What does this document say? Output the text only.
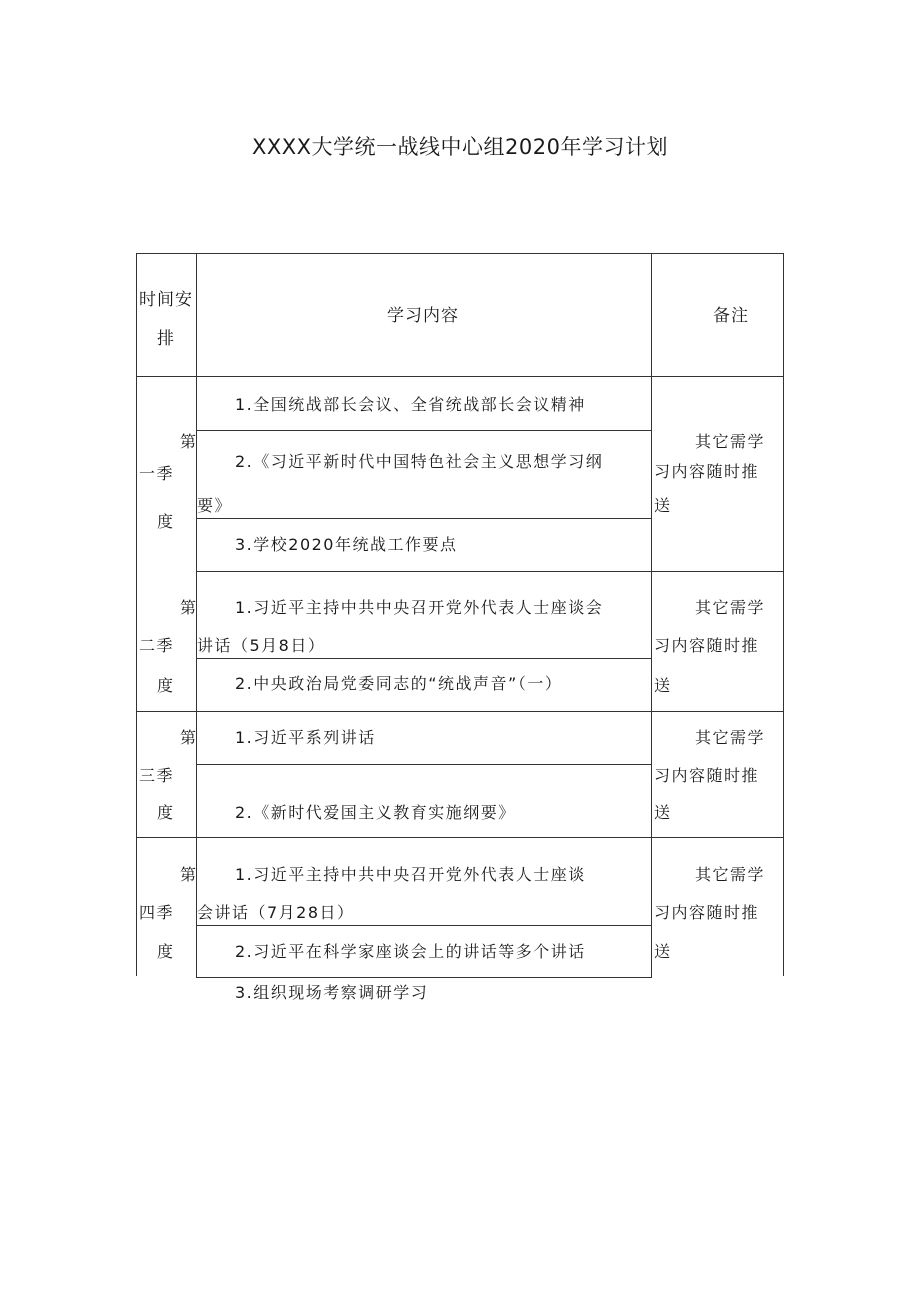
XXXX大学统一战线中心组2020年学习计划
时间安
排
学习内容	备注
第
一季
度
1.全国统战部长会议、全省统战部长会议精神
2.《习近平新时代中国特色社会主义思想学习纲
要》
3.学校2020年统战工作要点
其它需学
习内容随时推
送
第
二季
度
1.习近平主持中共中央召开党外代表人士座谈会
讲话（5月8日）
2.中央政治局党委同志的“统战声音”（一）
其它需学
习内容随时推
送
第
三季
度
1.习近平系列讲话
2.《新时代爱国主义教育实施纲要》
其它需学
习内容随时推
送
第
四季
度
1.习近平主持中共中央召开党外代表人士座谈
会讲话（7月28日）
2.习近平在科学家座谈会上的讲话等多个讲话
3.组织现场考察调研学习
其它需学
习内容随时推
送
